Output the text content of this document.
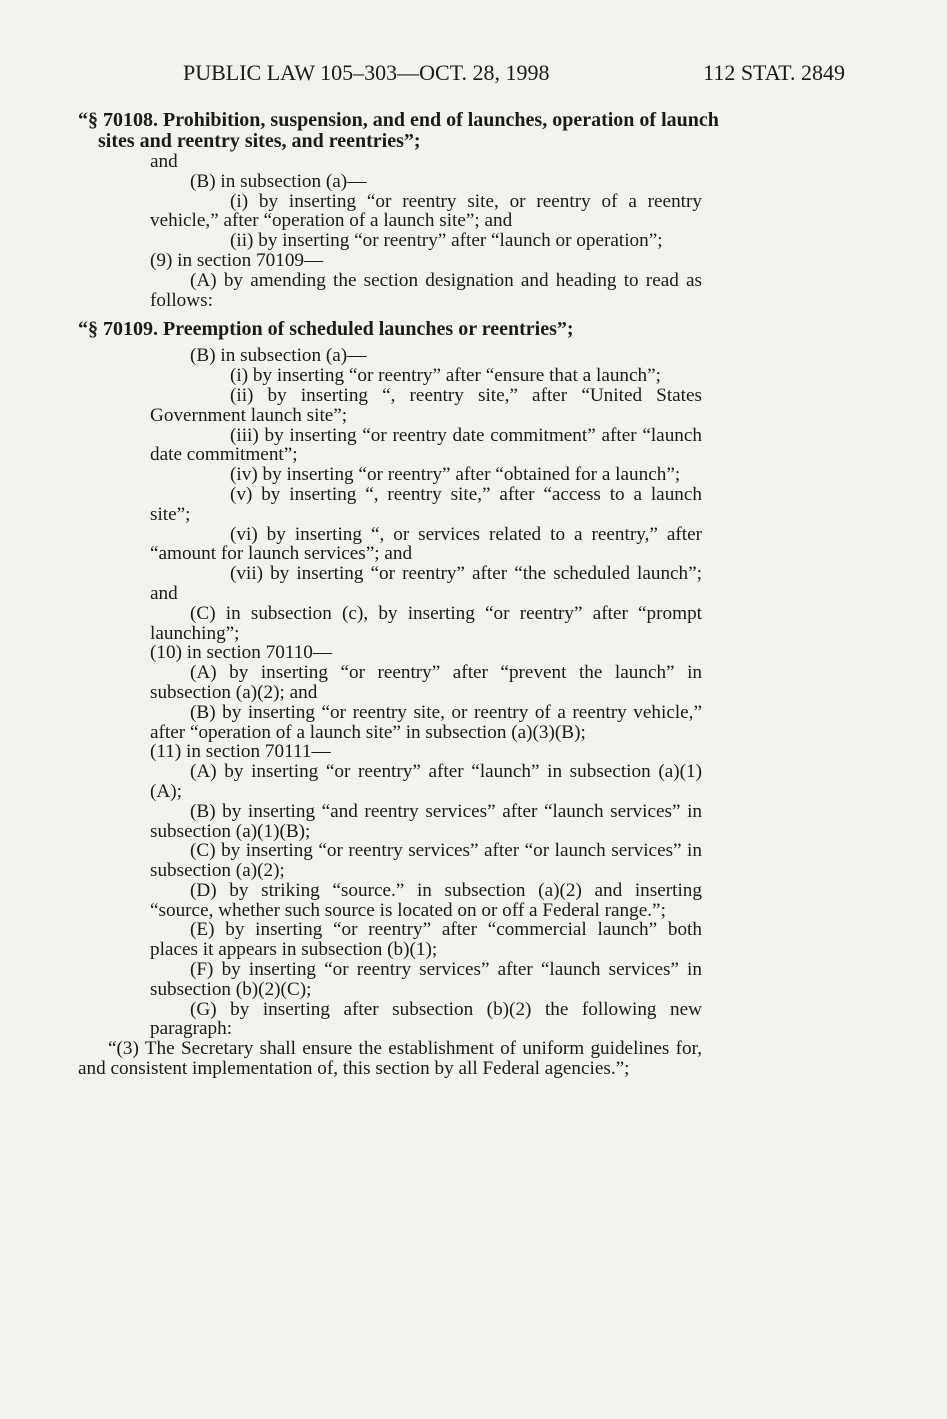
PUBLIC LAW 105–303—OCT. 28, 1998	112 STAT. 2849

“§ 70108. Prohibition, suspension, and end of launches, operation of launch sites and reentry sites, and reentries”;

and

(B) in subsection (a)—

(i) by inserting “or reentry site, or reentry of a reentry vehicle,” after “operation of a launch site”; and

(ii) by inserting “or reentry” after “launch or operation”;

(9) in section 70109—

(A) by amending the section designation and heading to read as follows:

“§ 70109. Preemption of scheduled launches or reentries”;

(B) in subsection (a)—

(i) by inserting “or reentry” after “ensure that a launch”;

(ii) by inserting “, reentry site,” after “United States Government launch site”;

(iii) by inserting “or reentry date commitment” after “launch date commitment”;

(iv) by inserting “or reentry” after “obtained for a launch”;

(v) by inserting “, reentry site,” after “access to a launch site”;

(vi) by inserting “, or services related to a reentry,” after “amount for launch services”; and

(vii) by inserting “or reentry” after “the scheduled launch”; and

(C) in subsection (c), by inserting “or reentry” after “prompt launching”;

(10) in section 70110—

(A) by inserting “or reentry” after “prevent the launch” in subsection (a)(2); and

(B) by inserting “or reentry site, or reentry of a reentry vehicle,” after “operation of a launch site” in subsection (a)(3)(B);

(11) in section 70111—

(A) by inserting “or reentry” after “launch” in subsection (a)(1)(A);

(B) by inserting “and reentry services” after “launch services” in subsection (a)(1)(B);

(C) by inserting “or reentry services” after “or launch services” in subsection (a)(2);

(D) by striking “source.” in subsection (a)(2) and inserting “source, whether such source is located on or off a Federal range.”;

(E) by inserting “or reentry” after “commercial launch” both places it appears in subsection (b)(1);

(F) by inserting “or reentry services” after “launch services” in subsection (b)(2)(C);

(G) by inserting after subsection (b)(2) the following new paragraph:

“(3) The Secretary shall ensure the establishment of uniform guidelines for, and consistent implementation of, this section by all Federal agencies.”;
